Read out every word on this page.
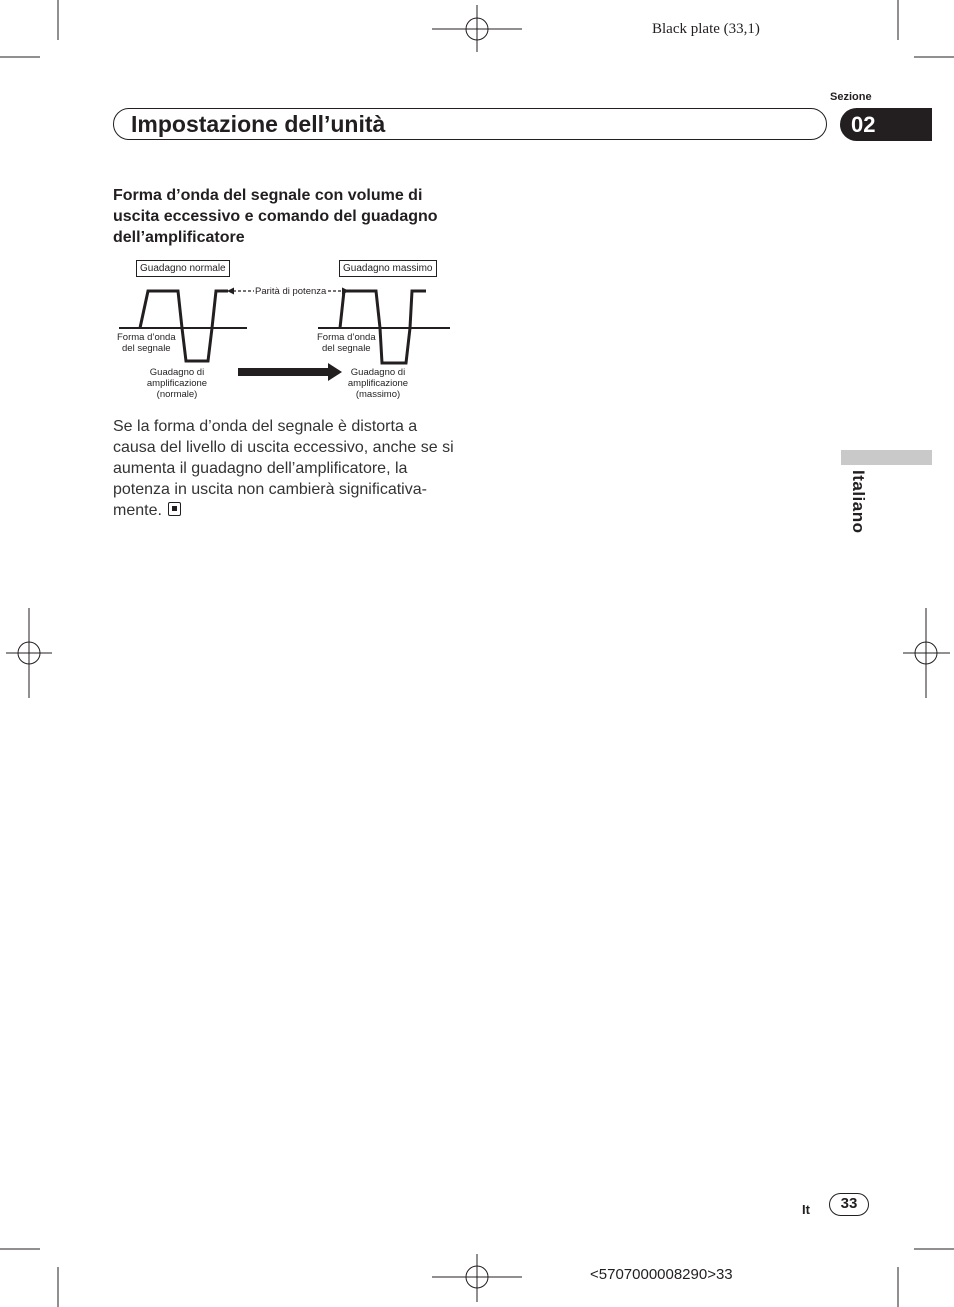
Black plate (33,1)
Sezione
Impostazione dell’unità	02
Forma d’onda del segnale con volume di uscita eccessivo e comando del guadagno dell’amplificatore
Guadagno normale	Guadagno massimo
Parità di potenza
Forma d’onda
del segnale
Forma d’onda
del segnale
Guadagno di
amplificazione
(normale)
Guadagno di
amplificazione
(massimo)
Se la forma d’onda del segnale è distorta a causa del livello di uscita eccessivo, anche se si aumenta il guadagno dell’amplificatore, la potenza in uscita non cambierà significativa-mente.	Italiano
It	33
<5707000008290>33
